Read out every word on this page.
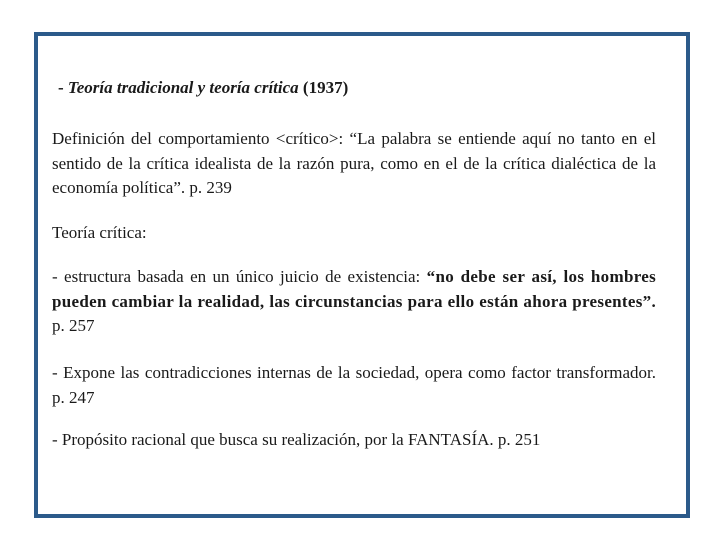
- Teoría tradicional y teoría crítica (1937)
Definición del comportamiento <crítico>: “La palabra se entiende aquí no tanto en el sentido de la crítica idealista de la razón pura, como en el de la crítica dialéctica de la economía política”. p. 239
Teoría crítica:
- estructura basada en un único juicio de existencia: “no debe ser así, los hombres pueden cambiar la realidad, las circunstancias para ello están ahora presentes”. p. 257
- Expone las contradicciones internas de la sociedad, opera como factor transformador. p. 247
- Propósito racional que busca su realización, por la FANTASÍA. p. 251
